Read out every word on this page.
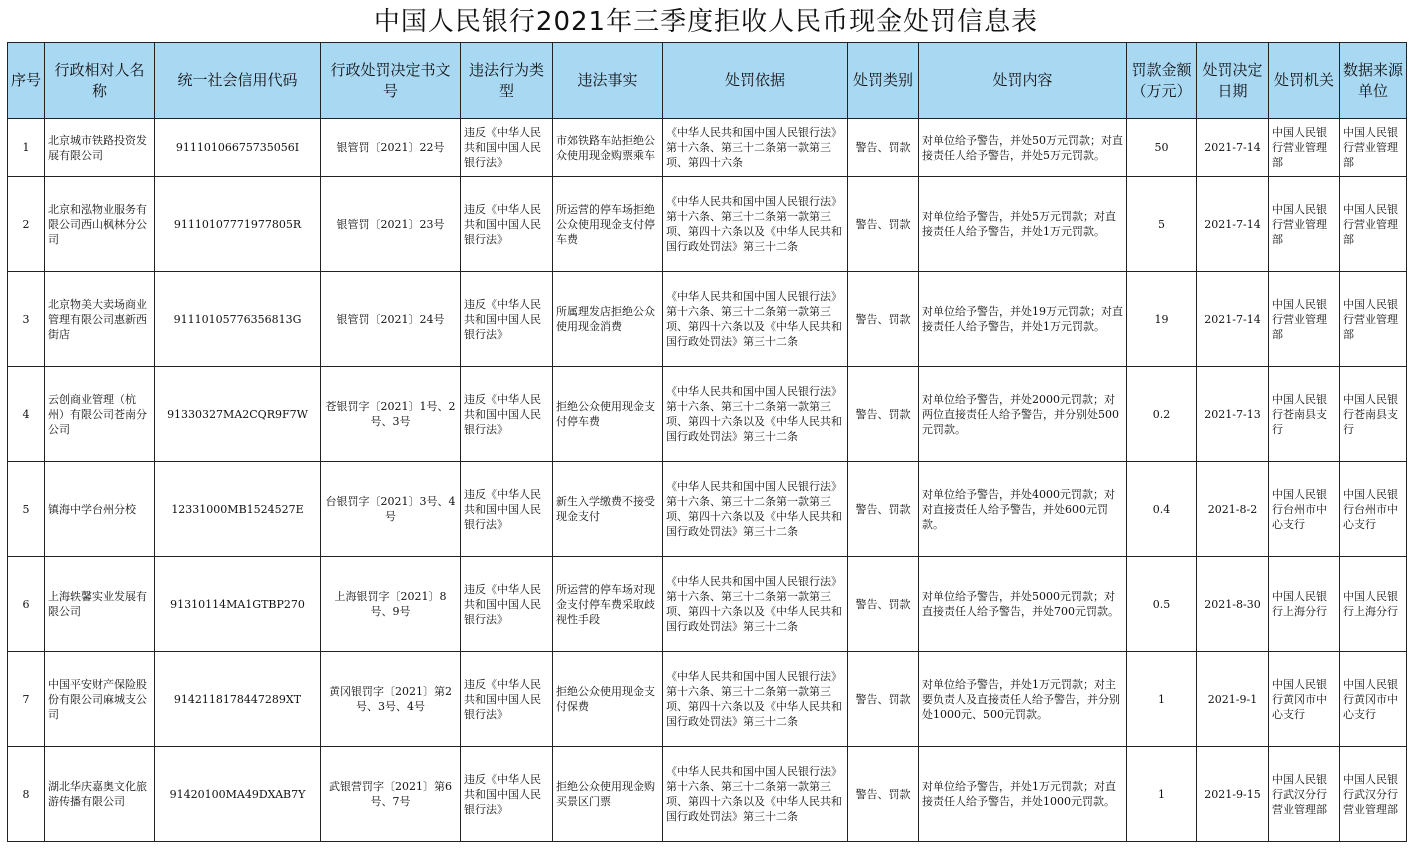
中国人民银行2021年三季度拒收人民币现金处罚信息表
序号	行政相对人名称	统一社会信用代码	行政处罚决定书文号	违法行为类型	违法事实	处罚依据	处罚类别	处罚内容	罚款金额（万元）	处罚决定日期	处罚机关	数据来源单位
1	北京城市铁路投资发展有限公司	91110106675735056I	银管罚〔2021〕22号	违反《中华人民共和国中国人民银行法》	市郊铁路车站拒绝公众使用现金购票乘车	《中华人民共和国中国人民银行法》第十六条、第三十二条第一款第三项、第四十六条	警告、罚款	对单位给予警告，并处50万元罚款；对直接责任人给予警告，并处5万元罚款。	50	2021-7-14	中国人民银行营业管理部	中国人民银行营业管理部
2	北京和泓物业服务有限公司西山枫林分公司	91110107771977805R	银管罚〔2021〕23号	违反《中华人民共和国中国人民银行法》	所运营的停车场拒绝公众使用现金支付停车费	《中华人民共和国中国人民银行法》第十六条、第三十二条第一款第三项、第四十六条以及《中华人民共和国行政处罚法》第三十二条	警告、罚款	对单位给予警告，并处5万元罚款；对直接责任人给予警告，并处1万元罚款。	5	2021-7-14	中国人民银行营业管理部	中国人民银行营业管理部
3	北京物美大卖场商业管理有限公司惠新西街店	91110105776356813G	银管罚〔2021〕24号	违反《中华人民共和国中国人民银行法》	所属理发店拒绝公众使用现金消费	《中华人民共和国中国人民银行法》第十六条、第三十二条第一款第三项、第四十六条以及《中华人民共和国行政处罚法》第三十二条	警告、罚款	对单位给予警告，并处19万元罚款；对直接责任人给予警告，并处1万元罚款。	19	2021-7-14	中国人民银行营业管理部	中国人民银行营业管理部
4	云创商业管理（杭州）有限公司苍南分公司	91330327MA2CQR9F7W	苍银罚字〔2021〕1号、2号、3号	违反《中华人民共和国中国人民银行法》	拒绝公众使用现金支付停车费	《中华人民共和国中国人民银行法》第十六条、第三十二条第一款第三项、第四十六条以及《中华人民共和国行政处罚法》第三十二条	警告、罚款	对单位给予警告，并处2000元罚款；对两位直接责任人给予警告，并分别处500元罚款。	0.2	2021-7-13	中国人民银行苍南县支行	中国人民银行苍南县支行
5	镇海中学台州分校	12331000MB1524527E	台银罚字〔2021〕3号、4号	违反《中华人民共和国中国人民银行法》	新生入学缴费不接受现金支付	《中华人民共和国中国人民银行法》第十六条、第三十二条第一款第三项、第四十六条以及《中华人民共和国行政处罚法》第三十二条	警告、罚款	对单位给予警告，并处4000元罚款；对对直接责任人给予警告，并处600元罚款。	0.4	2021-8-2	中国人民银行台州市中心支行	中国人民银行台州市中心支行
6	上海轶馨实业发展有限公司	91310114MA1GTBP270	上海银罚字〔2021〕8号、9号	违反《中华人民共和国中国人民银行法》	所运营的停车场对现金支付停车费采取歧视性手段	《中华人民共和国中国人民银行法》第十六条、第三十二条第一款第三项、第四十六条以及《中华人民共和国行政处罚法》第三十二条	警告、罚款	对单位给予警告，并处5000元罚款；对直接责任人给予警告，并处700元罚款。	0.5	2021-8-30	中国人民银行上海分行	中国人民银行上海分行
7	中国平安财产保险股份有限公司麻城支公司	91421181784472​89XT	黄冈银罚字〔2021〕第2号、3号、4号	违反《中华人民共和国中国人民银行法》	拒绝公众使用现金支付保费	《中华人民共和国中国人民银行法》第十六条、第三十二条第一款第三项、第四十六条以及《中华人民共和国行政处罚法》第三十二条	警告、罚款	对单位给予警告，并处1万元罚款；对主要负责人及直接责任人给予警告，并分别处1000元、500元罚款。	1	2021-9-1	中国人民银行黄冈市中心支行	中国人民银行黄冈市中心支行
8	湖北华庆嘉奥文化旅游传播有限公司	91420100MA49DXAB7Y	武银营罚字〔2021〕第6号、7号	违反《中华人民共和国中国人民银行法》	拒绝公众使用现金购买景区门票	《中华人民共和国中国人民银行法》第十六条、第三十二条第一款第三项、第四十六条以及《中华人民共和国行政处罚法》第三十二条	警告、罚款	对单位给予警告，并处1万元罚款；对直接责任人给予警告，并处1000元罚款。	1	2021-9-15	中国人民银行武汉分行营业管理部	中国人民银行武汉分行营业管理部
